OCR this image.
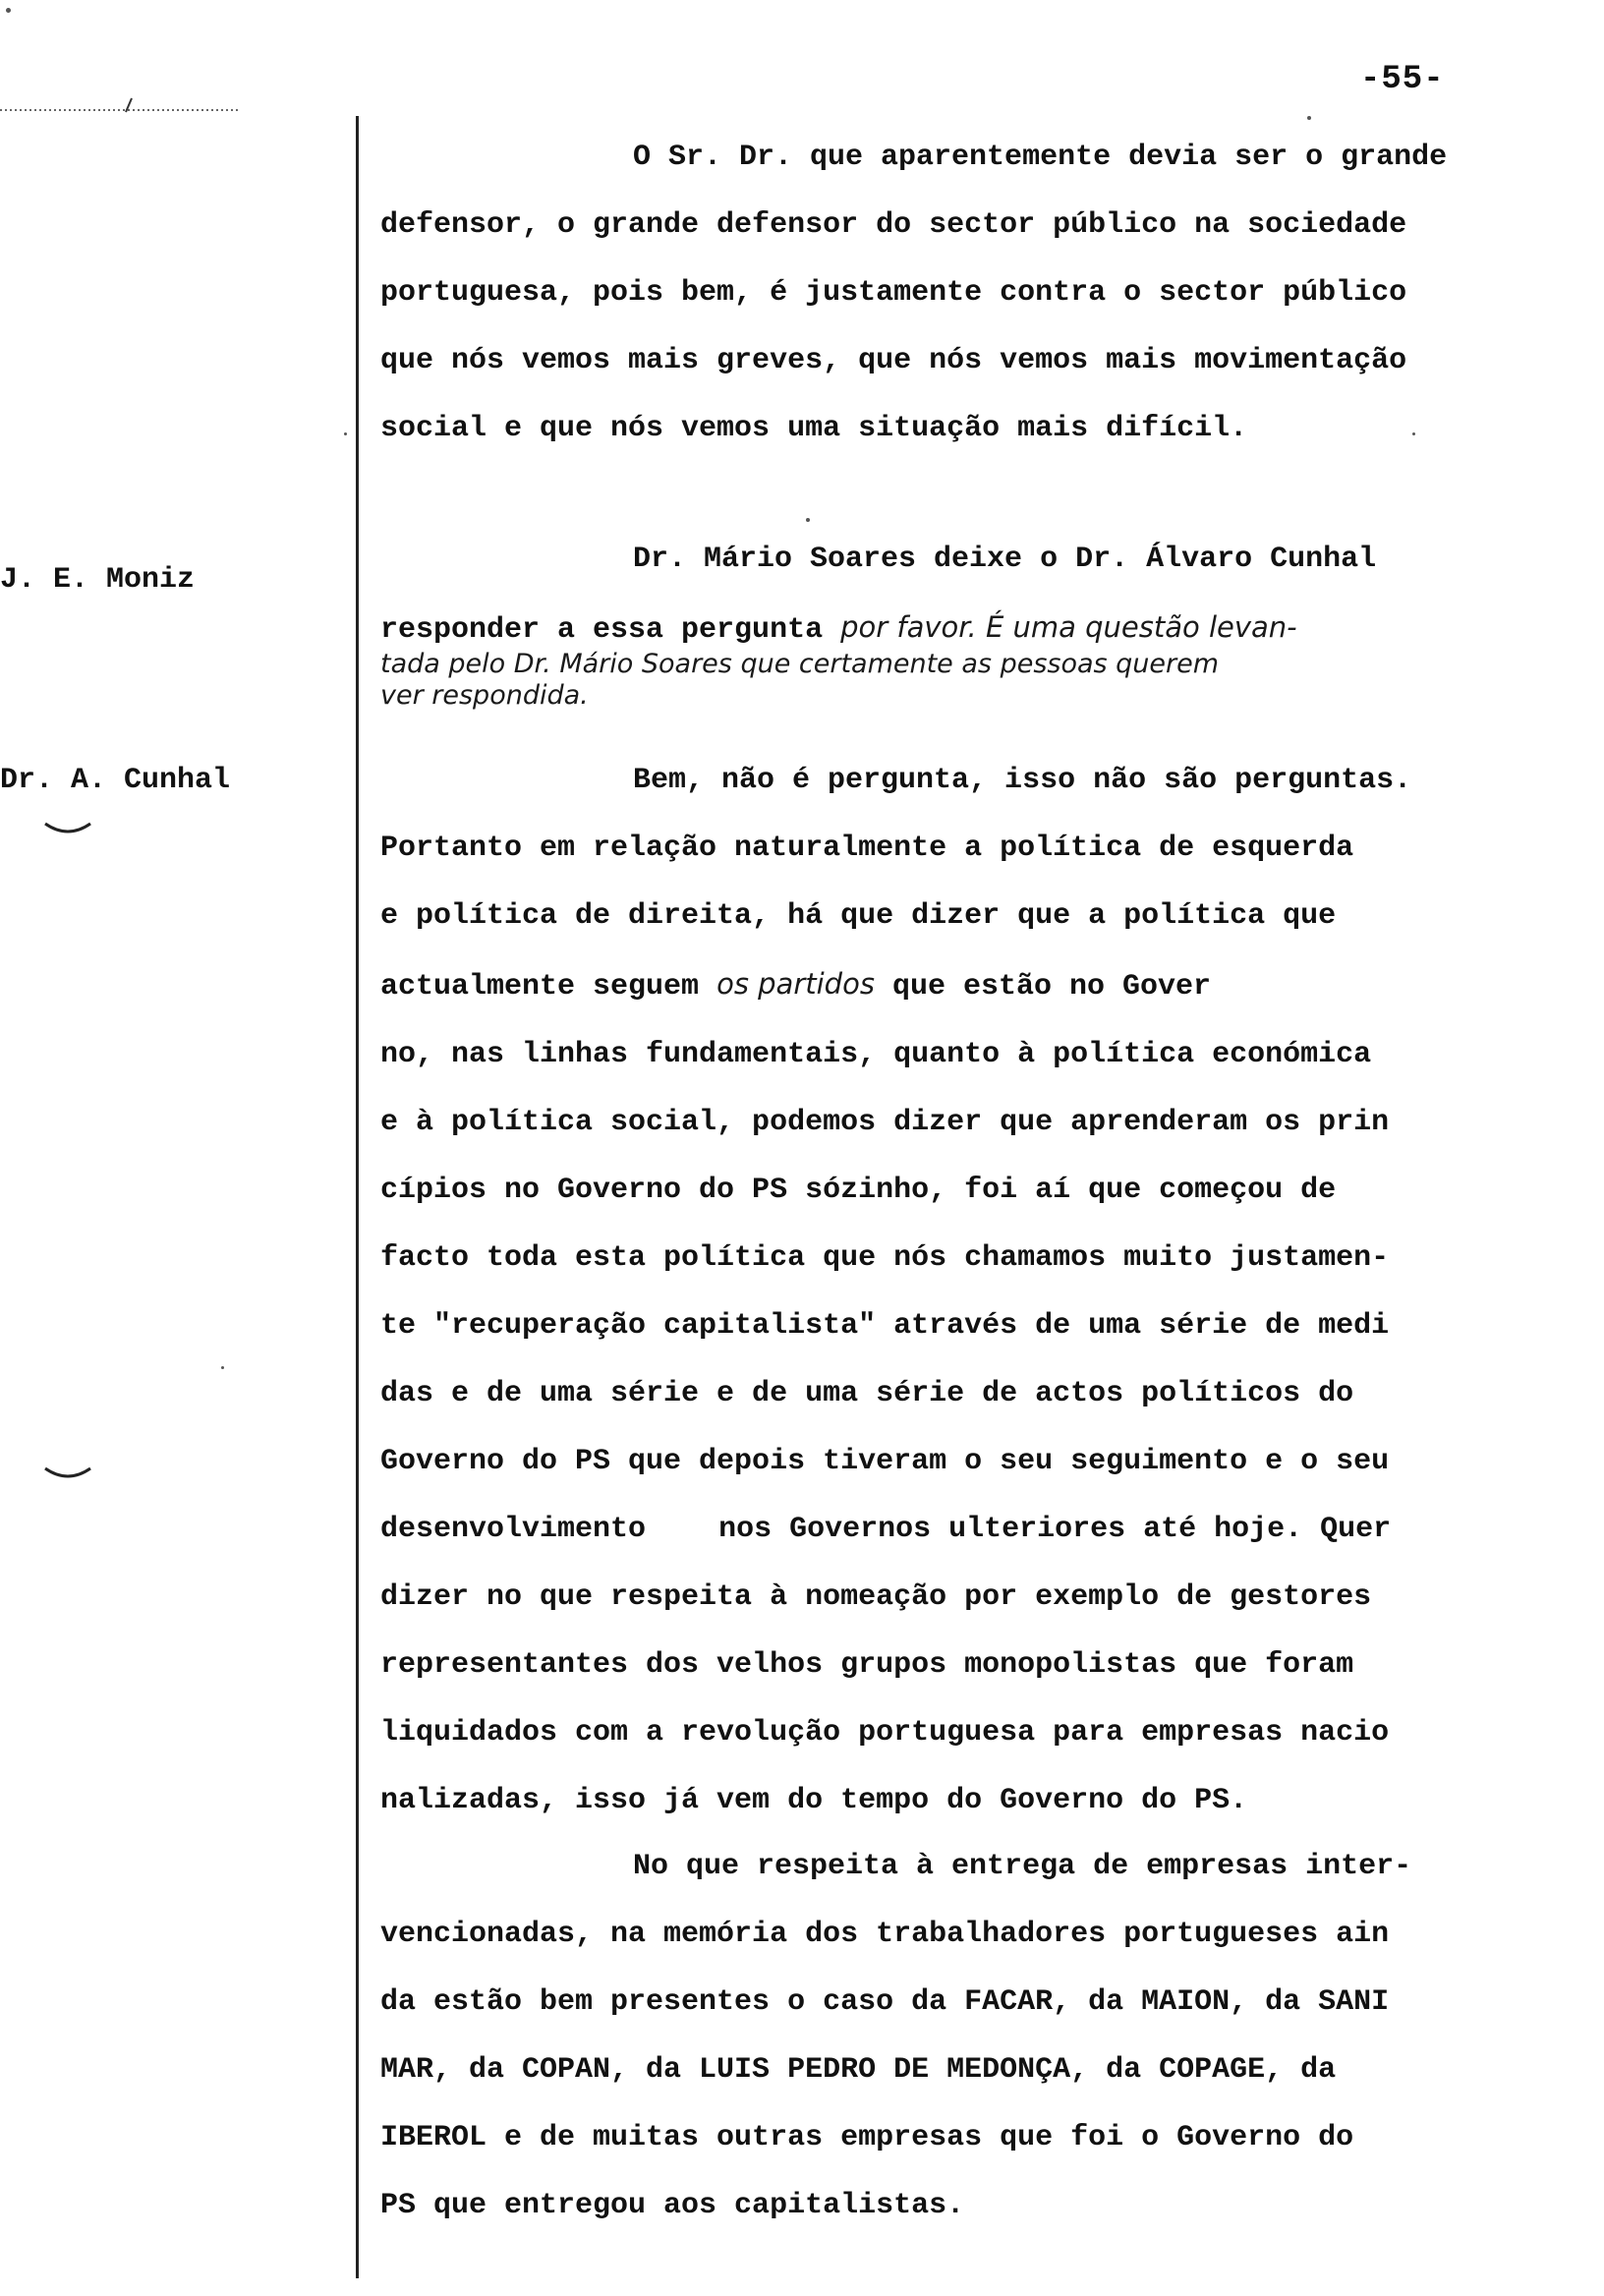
-55-
J. E. Moniz
Dr. A. Cunhal
O Sr. Dr. que aparentemente devia ser o grande
defensor, o grande defensor do sector público na sociedade
portuguesa, pois bem, é justamente contra o sector público
que nós vemos mais greves, que nós vemos mais movimentação
social e que nós vemos uma situação mais difícil.
Dr. Mário Soares deixe o Dr. Álvaro Cunhal
responder a essa pergunta por favor. É uma questão levan-
tada pelo Dr. Mário Soares que certamente as pessoas querem
ver respondida.
Bem, não é pergunta, isso não são perguntas.
Portanto em relação naturalmente a política de esquerda
e política de direita, há que dizer que a política que
actualmente seguem os partidos que estão no Gover
no, nas linhas fundamentais, quanto à política económica
e à política social, podemos dizer que aprenderam os prin
cípios no Governo do PS sózinho, foi aí que começou de
facto toda esta política que nós chamamos muito justamen-
te "recuperação capitalista" através de uma série de medi
das e de uma série e de uma série de actos políticos do
Governo do PS que depois tiveram o seu seguimento e o seu
desenvolvimento nos Governos ulteriores até hoje. Quer
dizer no que respeita à nomeação por exemplo de gestores
representantes dos velhos grupos monopolistas que foram
liquidados com a revolução portuguesa para empresas nacio
nalizadas, isso já vem do tempo do Governo do PS.
No que respeita à entrega de empresas inter-
vencionadas, na memória dos trabalhadores portugueses ain
da estão bem presentes o caso da FACAR, da MAION, da SANI
MAR, da COPAN, da LUIS PEDRO DE MEDONÇA, da COPAGE, da
IBEROL e de muitas outras empresas que foi o Governo do
PS que entregou aos capitalistas.
